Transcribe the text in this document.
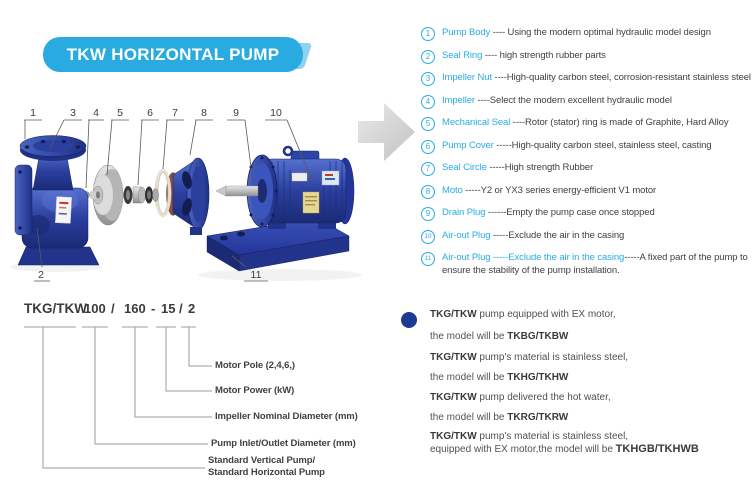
TKW HORIZONTAL PUMP
1	3 4 5 6 7 8 9	10
2	11
1	Pump Body ---- Using the modern optimal hydraulic model design
2	Seal Ring ---- high strength rubber parts
3	Impeller Nut ----High-quality carbon steel, corrosion-resistant stainless steel
4	Impeller ----Select the modern excellent hydraulic model
5	Mechanical Seal ----Rotor (stator) ring is made of Graphite, Hard Alloy
6	Pump Cover -----High-quality carbon steel, stainless steel, casting
7	Seal Circle -----High strength Rubber
8	Moto -----Y2 or YX3 series energy-efficient V1 motor
9	Drain Plug ------Empty the pump case once stopped
10	Air-out Plug -----Exclude the air in the casing
11	Air-out Plug -----Exclude the air in the casing-----A fixed part of the pump to ensure the stability of the pump installation.
TKG/TKW
100 / 160 - 15 / 2
Motor Pole (2,4,6,)
Motor Power (kW)
Impeller Nominal Diameter (mm)
Pump Inlet/Outlet Diameter (mm)
Standard Vertical Pump/
Standard Horizontal Pump
TKG/TKW pump equipped with EX motor,
the model will be TKBG/TKBW
TKG/TKW pump's material is stainless steel,
the model will be TKHG/TKHW
TKG/TKW pump delivered the hot water,
the model will be TKRG/TKRW
TKG/TKW pump's material is stainless steel,
equipped with EX motor,the model will be TKHGB/TKHWB
